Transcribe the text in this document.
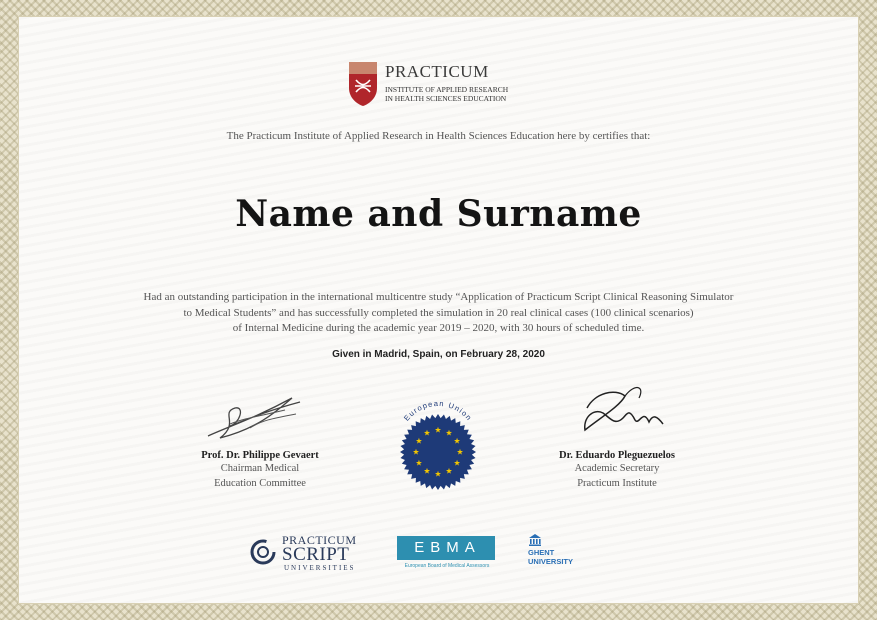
PRACTICUM
INSTITUTE OF APPLIED RESEARCH
IN HEALTH SCIENCES EDUCATION
The Practicum Institute of Applied Research in Health Sciences Education here by certifies that:
Name and Surname
Had an outstanding participation in the international multicentre study “Application of Practicum Script Clinical Reasoning Simulator
to Medical Students” and has successfully completed the simulation in 20 real clinical cases (100 clinical scenarios)
of Internal Medicine during the academic year 2019 – 2020, with 30 hours of scheduled time.
Given in Madrid, Spain, on February 28, 2020
Prof. Dr. Philippe Gevaert
Chairman Medical
Education Committee
European Union
Dr. Eduardo Pleguezuelos
Academic Secretary
Practicum Institute
PRACTICUM
SCRIPT
UNIVERSITIES
EBMA
European Board of Medical Assessors
GHENT
UNIVERSITY
